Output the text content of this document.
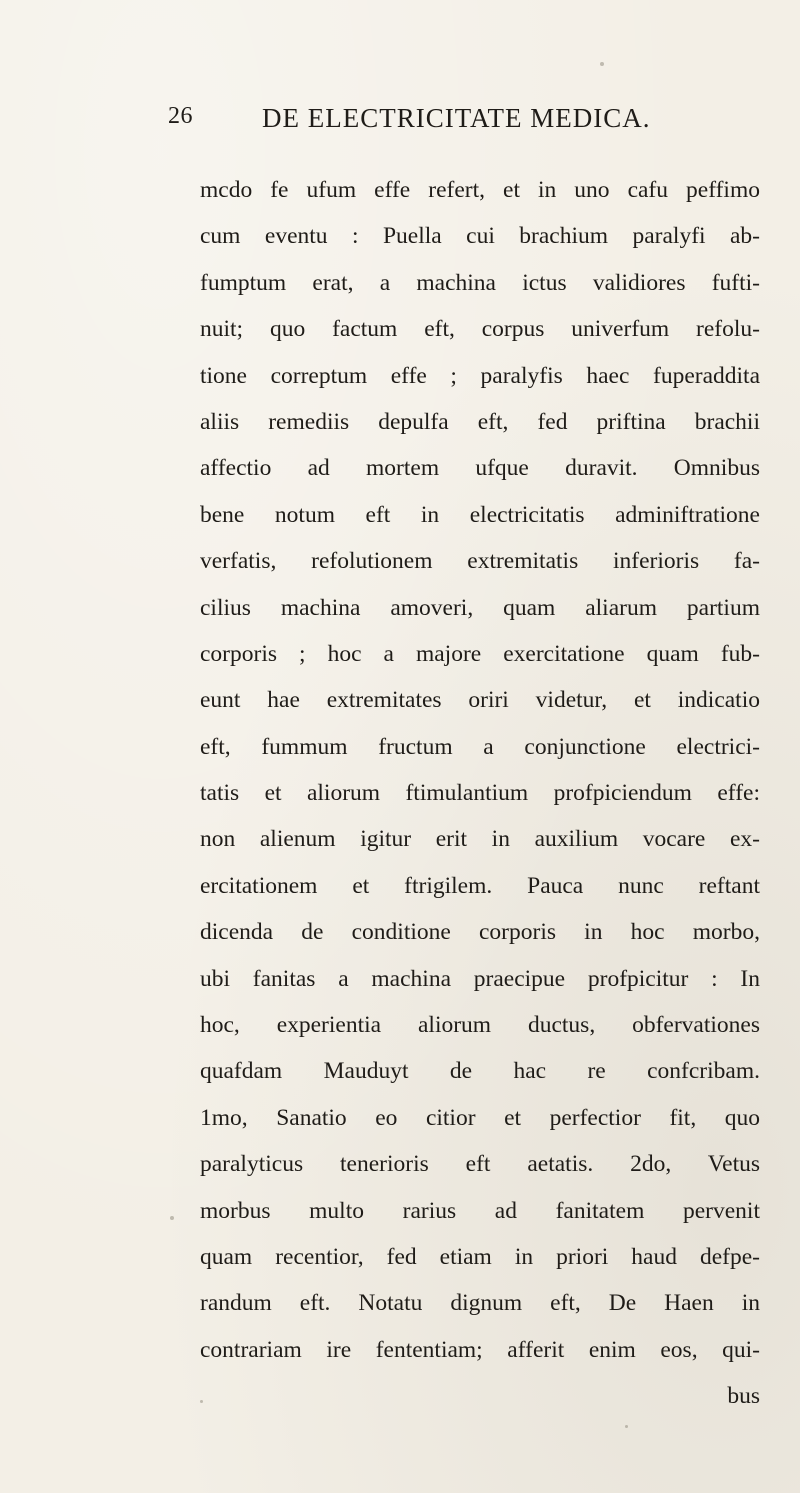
26	DE ELECTRICITATE MEDICA.
mcdo fe ufum effe refert, et in uno cafu peffimo
cum eventu : Puella cui brachium paralyfi ab-
fumptum erat, a machina ictus validiores fufti-
nuit; quo factum eft, corpus univerfum refolu-
tione correptum effe ; paralyfis haec fuperaddita
aliis remediis depulfa eft, fed priftina brachii
affectio ad mortem ufque duravit. Omnibus
bene notum eft in electricitatis adminiftratione
verfatis, refolutionem extremitatis inferioris fa-
cilius machina amoveri, quam aliarum partium
corporis ; hoc a majore exercitatione quam fub-
eunt hae extremitates oriri videtur, et indicatio
eft, fummum fructum a conjunctione electrici-
tatis et aliorum ftimulantium profpiciendum effe:
non alienum igitur erit in auxilium vocare ex-
ercitationem et ftrigilem. Pauca nunc reftant
dicenda de conditione corporis in hoc morbo,
ubi fanitas a machina praecipue profpicitur : In
hoc, experientia aliorum ductus, obfervationes
quafdam Mauduyt de hac re confcribam.
1mo, Sanatio eo citior et perfectior fit, quo
paralyticus tenerioris eft aetatis. 2do, Vetus
morbus multo rarius ad fanitatem pervenit
quam recentior, fed etiam in priori haud defpe-
randum eft. Notatu dignum eft, De Haen in
contrariam ire fententiam; afferit enim eos, qui-
bus
